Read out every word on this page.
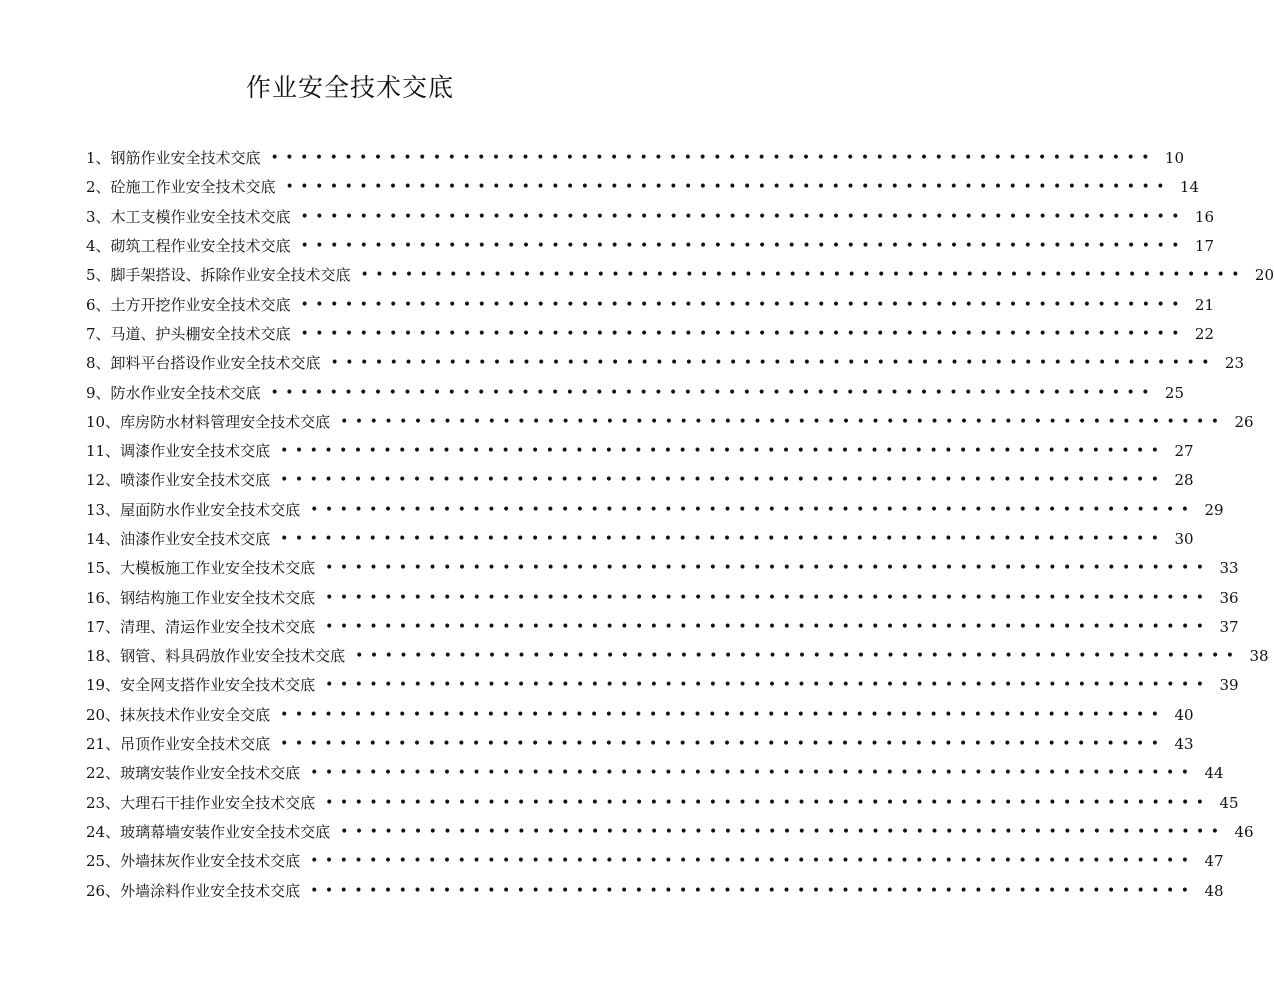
作业安全技术交底
1、钢筋作业安全技术交底 •••••••••••••••••••••••••••••••••••••••••••••••••••••••••••• 10
2、砼施工作业安全技术交底 •••••••••••••••••••••••••••••••••••••••••••••••••••••••••••• 14
3、木工支模作业安全技术交底 •••••••••••••••••••••••••••••••••••••••••••••••••••••••••••• 16
4、砌筑工程作业安全技术交底 •••••••••••••••••••••••••••••••••••••••••••••••••••••••••••• 17
5、脚手架搭设、拆除作业安全技术交底 •••••••••••••••••••••••••••••••••••••••••••••••••••••••••••• 20
6、土方开挖作业安全技术交底 •••••••••••••••••••••••••••••••••••••••••••••••••••••••••••• 21
7、马道、护头棚安全技术交底 •••••••••••••••••••••••••••••••••••••••••••••••••••••••••••• 22
8、卸料平台搭设作业安全技术交底 •••••••••••••••••••••••••••••••••••••••••••••••••••••••••••• 23
9、防水作业安全技术交底 •••••••••••••••••••••••••••••••••••••••••••••••••••••••••••• 25
10、库房防水材料管理安全技术交底 •••••••••••••••••••••••••••••••••••••••••••••••••••••••••••• 26
11、调漆作业安全技术交底 •••••••••••••••••••••••••••••••••••••••••••••••••••••••••••• 27
12、喷漆作业安全技术交底 •••••••••••••••••••••••••••••••••••••••••••••••••••••••••••• 28
13、屋面防水作业安全技术交底 •••••••••••••••••••••••••••••••••••••••••••••••••••••••••••• 29
14、油漆作业安全技术交底 •••••••••••••••••••••••••••••••••••••••••••••••••••••••••••• 30
15、大模板施工作业安全技术交底 •••••••••••••••••••••••••••••••••••••••••••••••••••••••••••• 33
16、钢结构施工作业安全技术交底 •••••••••••••••••••••••••••••••••••••••••••••••••••••••••••• 36
17、清理、清运作业安全技术交底 •••••••••••••••••••••••••••••••••••••••••••••••••••••••••••• 37
18、钢管、料具码放作业安全技术交底 •••••••••••••••••••••••••••••••••••••••••••••••••••••••••••• 38
19、安全网支搭作业安全技术交底 •••••••••••••••••••••••••••••••••••••••••••••••••••••••••••• 39
20、抹灰技术作业安全交底 •••••••••••••••••••••••••••••••••••••••••••••••••••••••••••• 40
21、吊顶作业安全技术交底 •••••••••••••••••••••••••••••••••••••••••••••••••••••••••••• 43
22、玻璃安装作业安全技术交底 •••••••••••••••••••••••••••••••••••••••••••••••••••••••••••• 44
23、大理石干挂作业安全技术交底 •••••••••••••••••••••••••••••••••••••••••••••••••••••••••••• 45
24、玻璃幕墙安装作业安全技术交底 •••••••••••••••••••••••••••••••••••••••••••••••••••••••••••• 46
25、外墙抹灰作业安全技术交底 •••••••••••••••••••••••••••••••••••••••••••••••••••••••••••• 47
26、外墙涂料作业安全技术交底 •••••••••••••••••••••••••••••••••••••••••••••••••••••••••••• 48
